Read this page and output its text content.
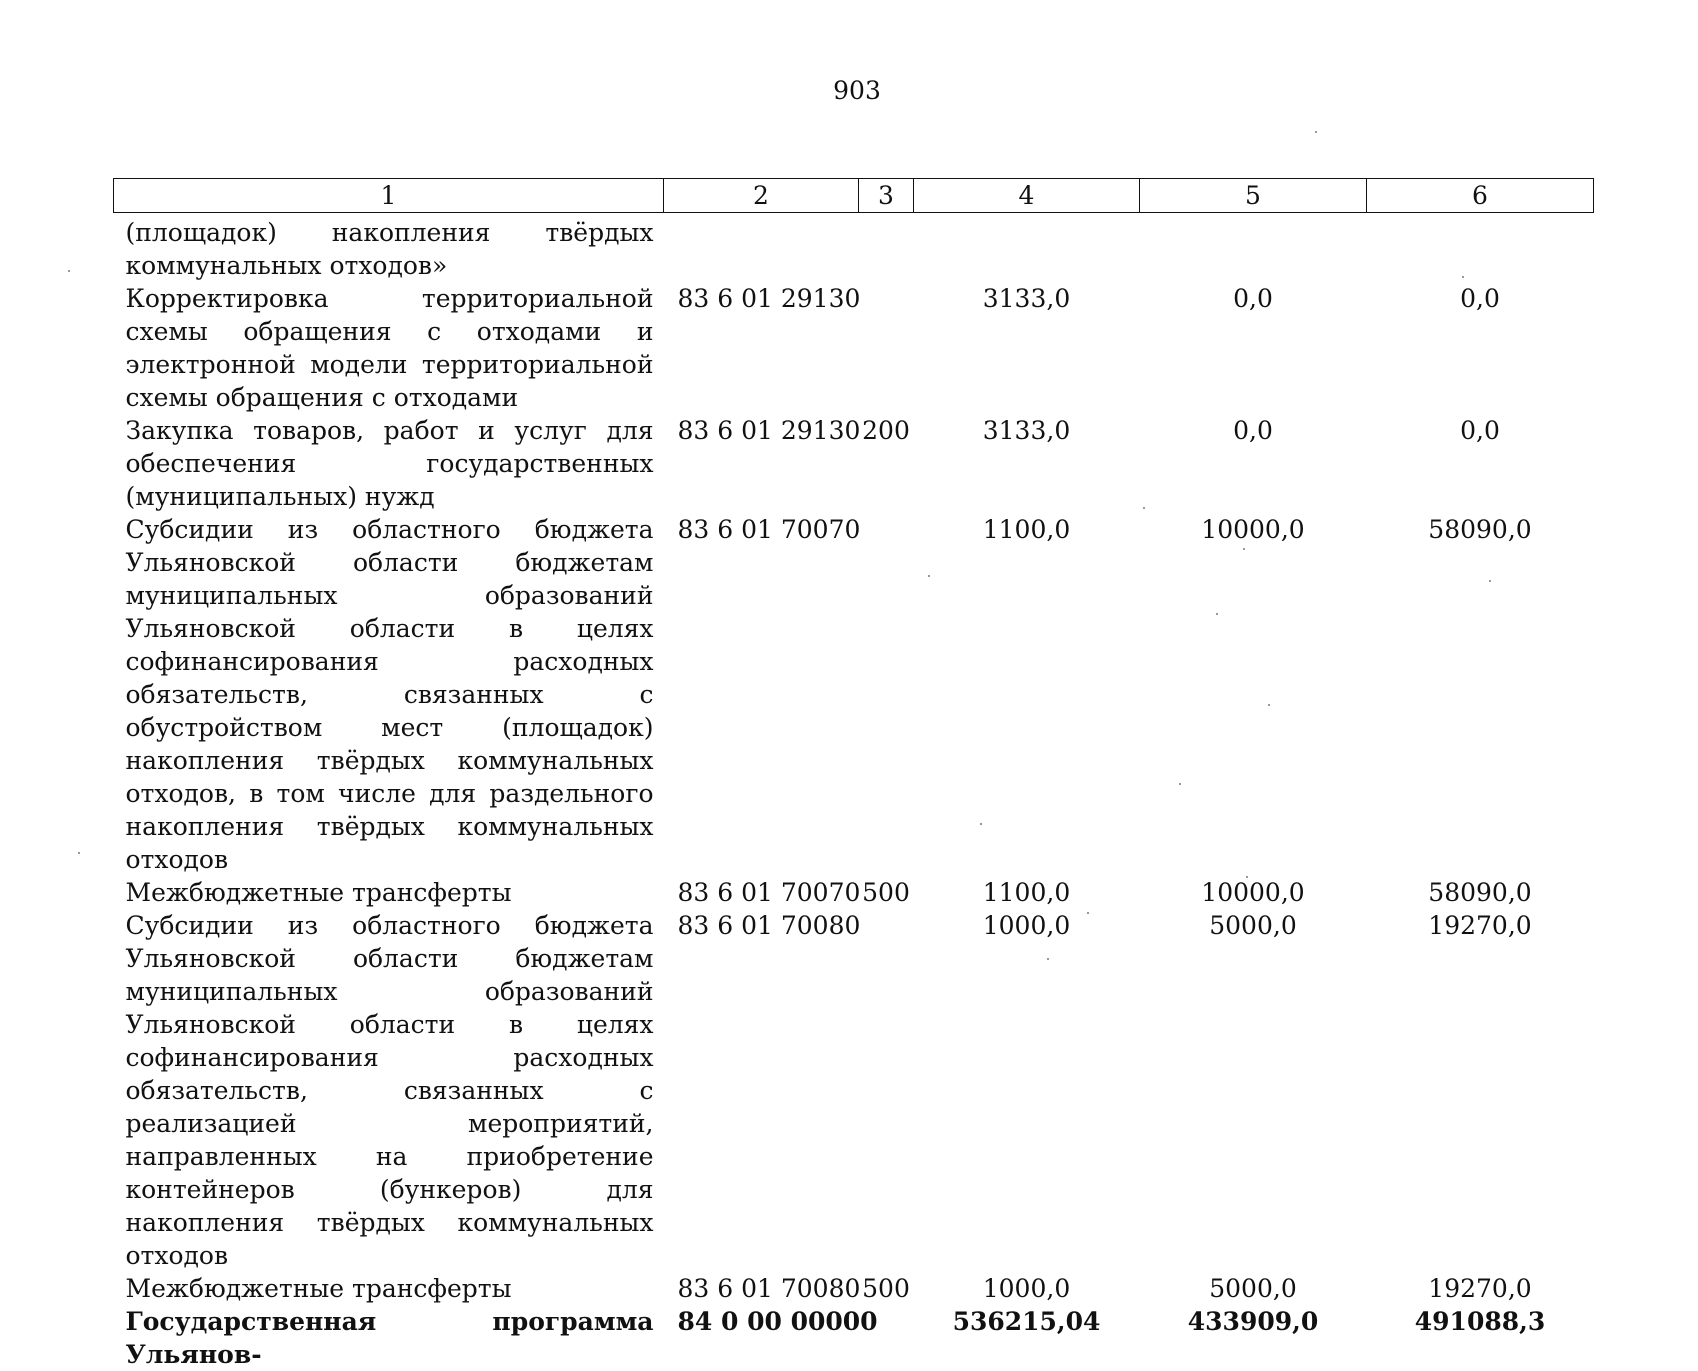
903
1	2	3	4	5	6
(площадок) накопления твёрдых коммунальных отходов»					
Корректировка территориальной схемы обращения с отходами и электронной модели территориальной схемы обращения с отходами	83 6 01 29130		3133,0	0,0	0,0
Закупка товаров, работ и услуг для обеспечения государственных (муниципальных) нужд	83 6 01 29130	200	3133,0	0,0	0,0
Субсидии из областного бюджета Ульяновской области бюджетам муниципальных образований Ульяновской области в целях софинансирования расходных обязательств, связанных с обустройством мест (площадок) накопления твёрдых коммунальных отходов, в том числе для раздельного накопления твёрдых коммунальных отходов	83 6 01 70070		1100,0	10000,0	58090,0
Межбюджетные трансферты	83 6 01 70070	500	1100,0	10000,0	58090,0
Субсидии из областного бюджета Ульяновской области бюджетам муниципальных образований Ульяновской области в целях софинансирования расходных обязательств, связанных с реализацией мероприятий, направленных на приобретение контейнеров (бункеров) для накопления твёрдых коммунальных отходов	83 6 01 70080		1000,0	5000,0	19270,0
Межбюджетные трансферты	83 6 01 70080	500	1000,0	5000,0	19270,0
Государственная программа Ульянов-	84 0 00 00000		536215,04	433909,0	491088,3
